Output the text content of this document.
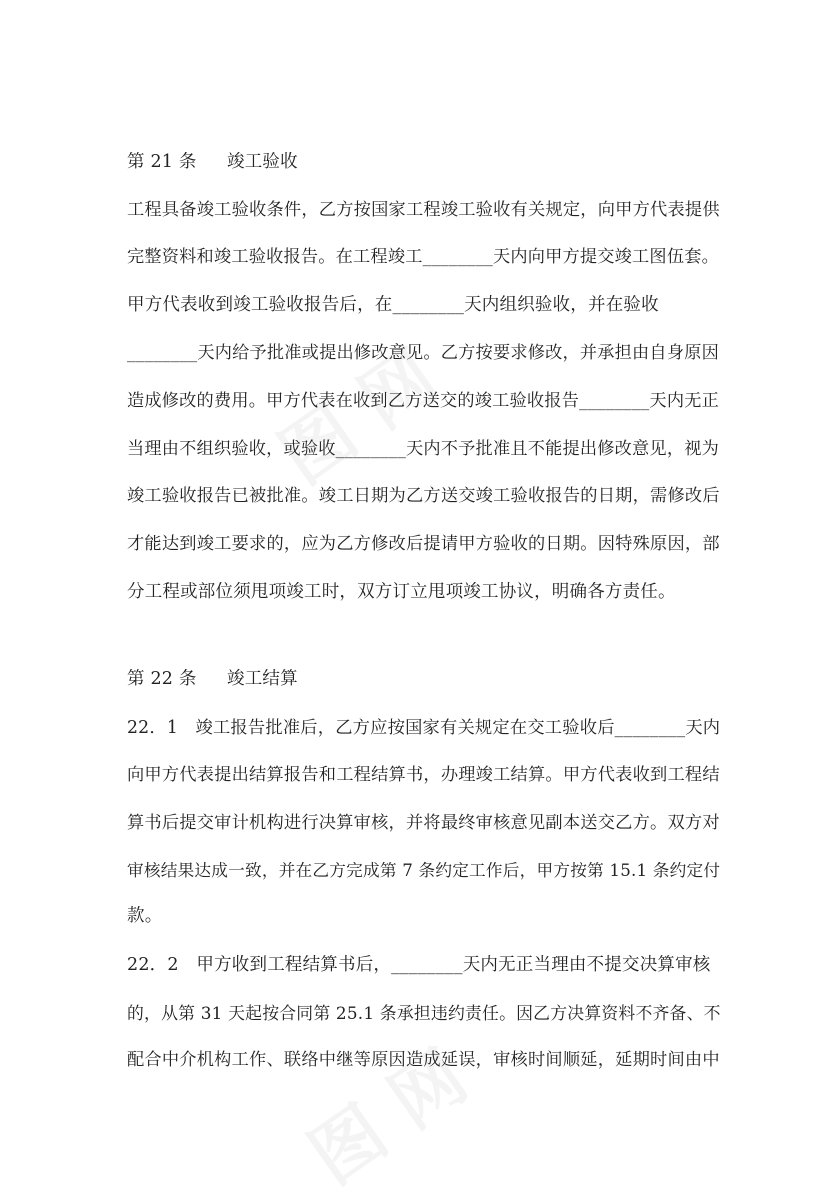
第 21 条 竣工验收
工程具备竣工验收条件，乙方按国家工程竣工验收有关规定，向甲方代表提供
完整资料和竣工验收报告。在工程竣工________天内向甲方提交竣工图伍套。
甲方代表收到竣工验收报告后，在________天内组织验收，并在验收
________天内给予批准或提出修改意见。乙方按要求修改，并承担由自身原因
造成修改的费用。甲方代表在收到乙方送交的竣工验收报告________天内无正
当理由不组织验收，或验收________天内不予批准且不能提出修改意见，视为
竣工验收报告已被批准。竣工日期为乙方送交竣工验收报告的日期，需修改后
才能达到竣工要求的，应为乙方修改后提请甲方验收的日期。因特殊原因，部
分工程或部位须甩项竣工时，双方订立甩项竣工协议，明确各方责任。
第 22 条 竣工结算
22．1　竣工报告批准后，乙方应按国家有关规定在交工验收后________天内
向甲方代表提出结算报告和工程结算书，办理竣工结算。甲方代表收到工程结
算书后提交审计机构进行决算审核，并将最终审核意见副本送交乙方。双方对
审核结果达成一致，并在乙方完成第 7 条约定工作后，甲方按第 15.1 条约定付
款。
22．2　甲方收到工程结算书后，________天内无正当理由不提交决算审核
的，从第 31 天起按合同第 25.1 条承担违约责任。因乙方决算资料不齐备、不
配合中介机构工作、联络中继等原因造成延误，审核时间顺延，延期时间由中
